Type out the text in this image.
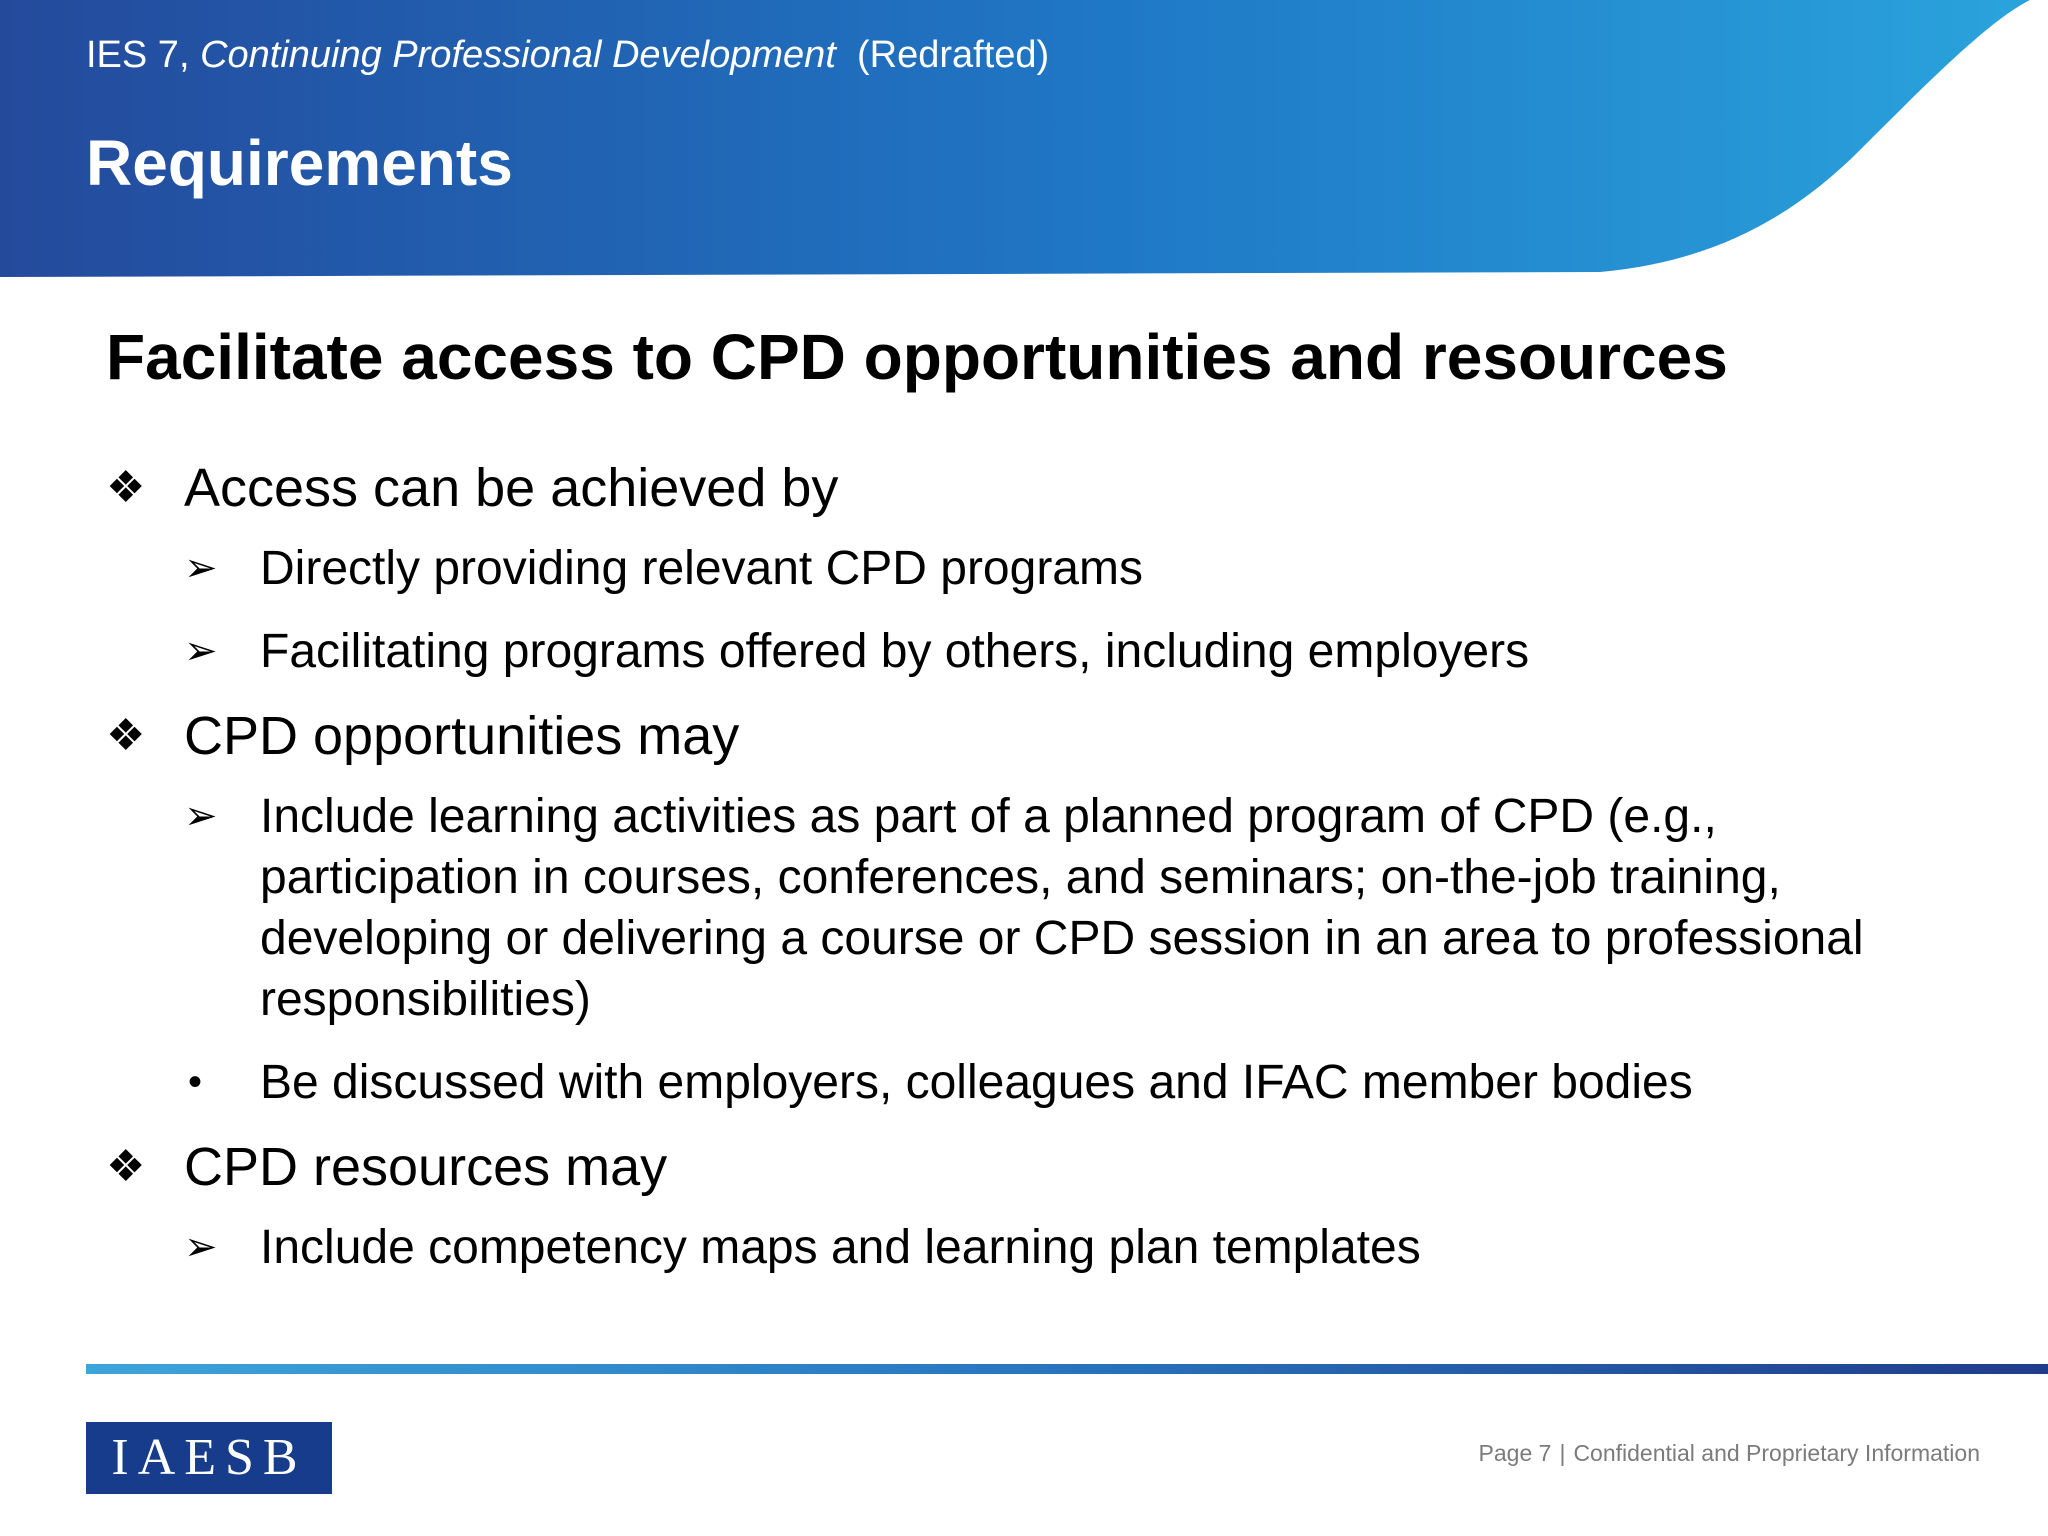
IES 7, Continuing Professional Development (Redrafted)
Requirements
Facilitate access to CPD opportunities and resources
❖ Access can be achieved by
➢ Directly providing relevant CPD programs
➢ Facilitating programs offered by others, including employers
❖ CPD opportunities may
➢ Include learning activities as part of a planned program of CPD (e.g., participation in courses, conferences, and seminars; on-the-job training, developing or delivering a course or CPD session in an area to professional responsibilities)
• Be discussed with employers, colleagues and IFAC member bodies
❖ CPD resources may
➢ Include competency maps and learning plan templates
IAESB	Page 7 | Confidential and Proprietary Information
